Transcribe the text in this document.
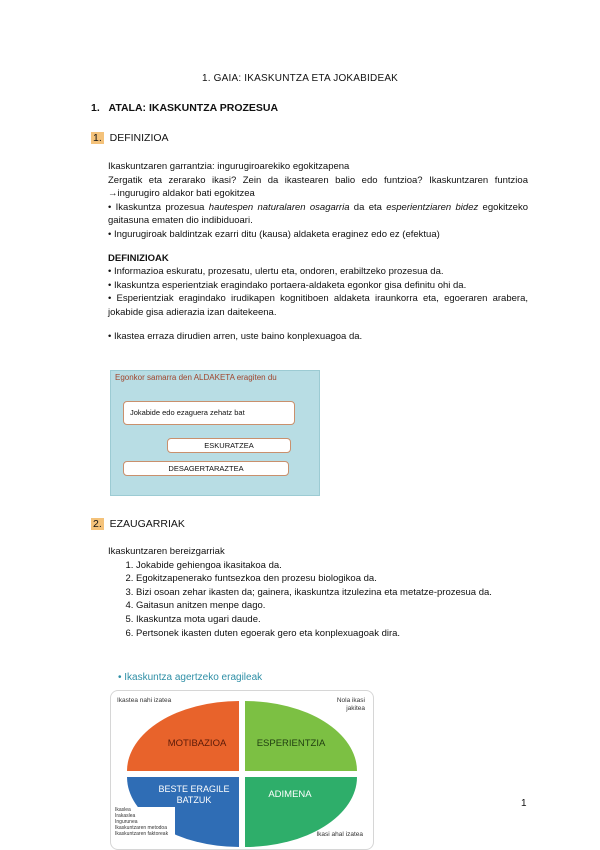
1. GAIA: IKASKUNTZA ETA JOKABIDEAK
1. ATALA: IKASKUNTZA PROZESUA
1. DEFINIZIOA

Ikaskuntzaren garrantzia: ingurugiroarekiko egokitzapena

Zergatik eta zerarako ikasi? Zein da ikastearen balio edo funtzioa? Ikaskuntzaren funtzioa →ingurugiro aldakor bati egokitzea

• Ikaskuntza prozesua hautespen naturalaren osagarria da eta esperientziaren bidez egokitzeko gaitasuna ematen dio indibiduoari.

• Ingurugiroak baldintzak ezarri ditu (kausa) aldaketa eraginez edo ez (efektua)

DEFINIZIOAK

• Informazioa eskuratu, prozesatu, ulertu eta, ondoren, erabiltzeko prozesua da.

• Ikaskuntza esperientziak eragindako portaera-aldaketa egonkor gisa definitu ohi da.

• Esperientziak eragindako irudikapen kognitiboen aldaketa iraunkorra eta, egoeraren arabera, jokabide gisa adierazia izan daitekeena.

• Ikastea erraza dirudien arren, uste baino konplexuagoa da.

Egonkor samarra den ALDAKETA eragiten du
Jokabide edo ezaguera zehatz bat
ESKURATZEA
DESAGERTARAZTEA
2. EZAUGARRIAK

Ikaskuntzaren bereizgarriak

1. Jokabide gehiengoa ikasitakoa da.
2. Egokitzapenerako funtsezkoa den prozesu biologikoa da.
3. Bizi osoan zehar ikasten da; gainera, ikaskuntza itzulezina eta metatze-prozesua da.
4. Gaitasun anitzen menpe dago.
5. Ikaskuntza mota ugari daude.
6. Pertsonek ikasten duten egoerak gero eta konplexuagoak dira.
• Ikaskuntza agertzeko eragileak
MOTIBAZIOA	ESPERIENTZIA
BESTE ERAGILE BATZUK	ADIMENA
Ikastea nahi izatea	Nola ikasi jakitea
Ikasi ahal izatea
Ikaslea
Irakaslea
Ingurunea
Ikaskuntzaren metodoa
Ikaskuntzaren faktoreak
1
